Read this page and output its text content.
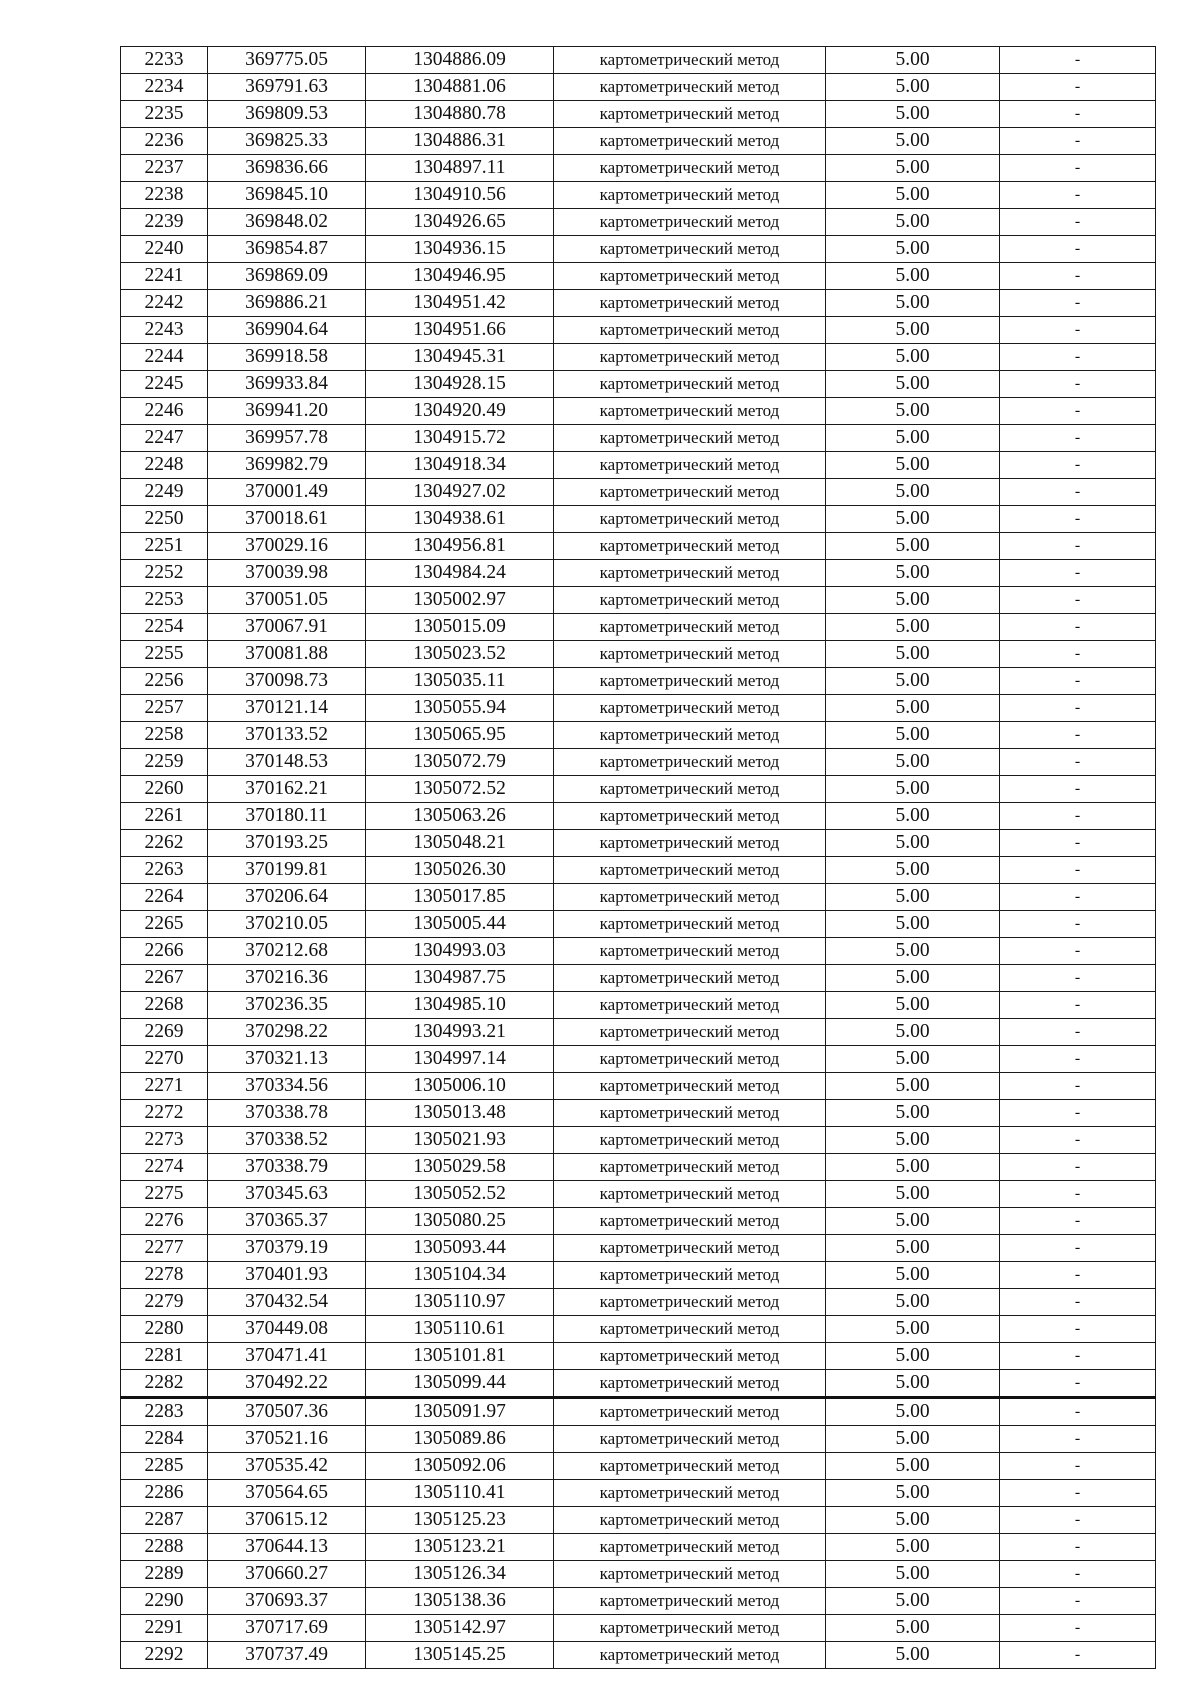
2233	369775.05	1304886.09	картометрический метод	5.00	-
2234	369791.63	1304881.06	картометрический метод	5.00	-
2235	369809.53	1304880.78	картометрический метод	5.00	-
2236	369825.33	1304886.31	картометрический метод	5.00	-
2237	369836.66	1304897.11	картометрический метод	5.00	-
2238	369845.10	1304910.56	картометрический метод	5.00	-
2239	369848.02	1304926.65	картометрический метод	5.00	-
2240	369854.87	1304936.15	картометрический метод	5.00	-
2241	369869.09	1304946.95	картометрический метод	5.00	-
2242	369886.21	1304951.42	картометрический метод	5.00	-
2243	369904.64	1304951.66	картометрический метод	5.00	-
2244	369918.58	1304945.31	картометрический метод	5.00	-
2245	369933.84	1304928.15	картометрический метод	5.00	-
2246	369941.20	1304920.49	картометрический метод	5.00	-
2247	369957.78	1304915.72	картометрический метод	5.00	-
2248	369982.79	1304918.34	картометрический метод	5.00	-
2249	370001.49	1304927.02	картометрический метод	5.00	-
2250	370018.61	1304938.61	картометрический метод	5.00	-
2251	370029.16	1304956.81	картометрический метод	5.00	-
2252	370039.98	1304984.24	картометрический метод	5.00	-
2253	370051.05	1305002.97	картометрический метод	5.00	-
2254	370067.91	1305015.09	картометрический метод	5.00	-
2255	370081.88	1305023.52	картометрический метод	5.00	-
2256	370098.73	1305035.11	картометрический метод	5.00	-
2257	370121.14	1305055.94	картометрический метод	5.00	-
2258	370133.52	1305065.95	картометрический метод	5.00	-
2259	370148.53	1305072.79	картометрический метод	5.00	-
2260	370162.21	1305072.52	картометрический метод	5.00	-
2261	370180.11	1305063.26	картометрический метод	5.00	-
2262	370193.25	1305048.21	картометрический метод	5.00	-
2263	370199.81	1305026.30	картометрический метод	5.00	-
2264	370206.64	1305017.85	картометрический метод	5.00	-
2265	370210.05	1305005.44	картометрический метод	5.00	-
2266	370212.68	1304993.03	картометрический метод	5.00	-
2267	370216.36	1304987.75	картометрический метод	5.00	-
2268	370236.35	1304985.10	картометрический метод	5.00	-
2269	370298.22	1304993.21	картометрический метод	5.00	-
2270	370321.13	1304997.14	картометрический метод	5.00	-
2271	370334.56	1305006.10	картометрический метод	5.00	-
2272	370338.78	1305013.48	картометрический метод	5.00	-
2273	370338.52	1305021.93	картометрический метод	5.00	-
2274	370338.79	1305029.58	картометрический метод	5.00	-
2275	370345.63	1305052.52	картометрический метод	5.00	-
2276	370365.37	1305080.25	картометрический метод	5.00	-
2277	370379.19	1305093.44	картометрический метод	5.00	-
2278	370401.93	1305104.34	картометрический метод	5.00	-
2279	370432.54	1305110.97	картометрический метод	5.00	-
2280	370449.08	1305110.61	картометрический метод	5.00	-
2281	370471.41	1305101.81	картометрический метод	5.00	-
2282	370492.22	1305099.44	картометрический метод	5.00	-
2283	370507.36	1305091.97	картометрический метод	5.00	-
2284	370521.16	1305089.86	картометрический метод	5.00	-
2285	370535.42	1305092.06	картометрический метод	5.00	-
2286	370564.65	1305110.41	картометрический метод	5.00	-
2287	370615.12	1305125.23	картометрический метод	5.00	-
2288	370644.13	1305123.21	картометрический метод	5.00	-
2289	370660.27	1305126.34	картометрический метод	5.00	-
2290	370693.37	1305138.36	картометрический метод	5.00	-
2291	370717.69	1305142.97	картометрический метод	5.00	-
2292	370737.49	1305145.25	картометрический метод	5.00	-
